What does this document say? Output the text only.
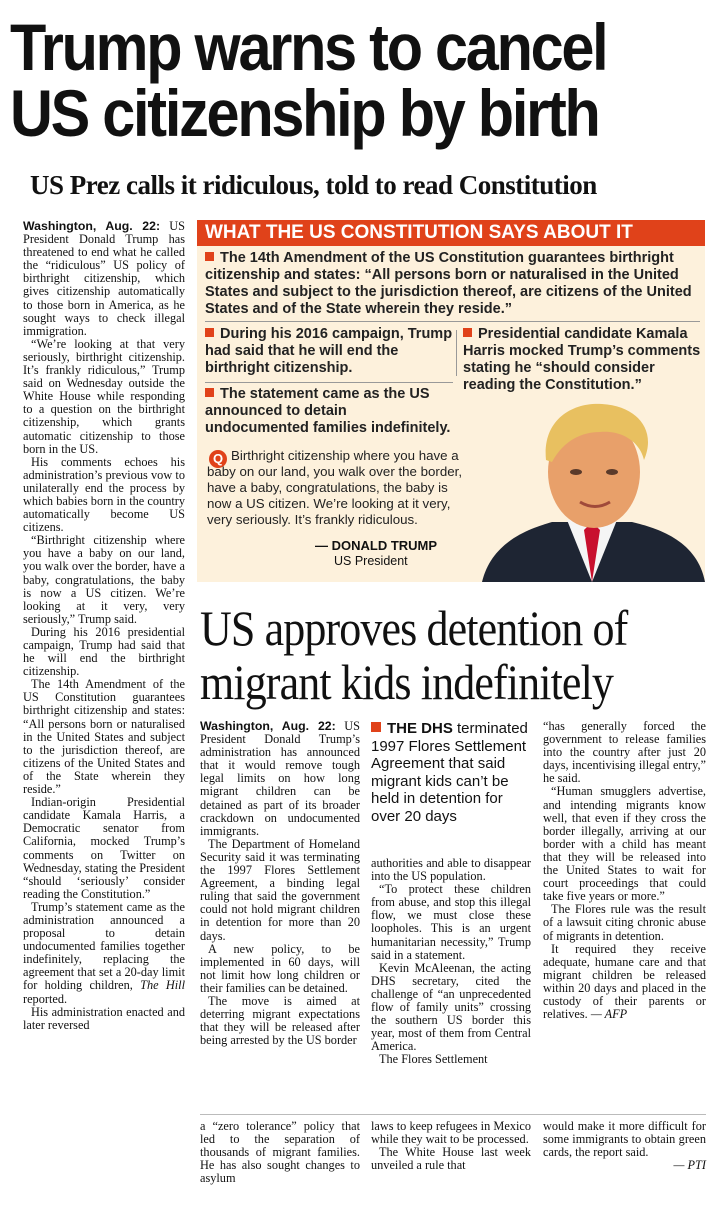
Trump warns to cancel
US citizenship by birth
US Prez calls it ridiculous, told to read Constitution

Washington, Aug. 22: US President Donald Trump has threatened to end what he called the “ridiculous” US policy of birthright citizenship, which gives citizenship automatically to those born in America, as he sought ways to check illegal immigration.

“We’re looking at that very seriously, birthright citizenship. It’s frankly ridiculous,” Trump said on Wednesday outside the White House while responding to a question on the birthright citizenship, which grants automatic citizenship to those born in the US.

His comments echoes his administration’s previous vow to unilaterally end the process by which babies born in the country automatically become US citizens.

“Birthright citizenship where you have a baby on our land, you walk over the border, have a baby, congratulations, the baby is now a US citizen. We’re looking at it very, very seriously,” Trump said.

During his 2016 presidential campaign, Trump had said that he will end the birthright citizenship.

The 14th Amendment of the US Constitution guarantees birthright citizenship and states: “All persons born or naturalised in the United States and subject to the jurisdiction thereof, are citizens of the United States and of the State wherein they reside.”

Indian-origin Presidential candidate Kamala Harris, a Democratic senator from California, mocked Trump’s comments on Twitter on Wednesday, stating the President “should ‘seriously’ consider reading the Constitution.”

Trump’s statement came as the administration announced a proposal to detain undocumented families together indefinitely, replacing the agreement that set a 20-day limit for holding children, The Hill reported.

His administration enacted and later reversed

WHAT THE US CONSTITUTION SAYS ABOUT IT
The 14th Amendment of the US Constitution guarantees birthright citizenship and states: “All persons born or naturalised in the United States and subject to the jurisdiction thereof, are citizens of the United States and of the State wherein they reside.”
During his 2016 campaign, Trump had said that he will end the birthright citizenship.
Presidential candidate Kamala Harris mocked Trump’s comments stating he “should consider reading the Constitution.”
The statement came as the US announced to detain undocumented families indefinitely.
Q Birthright citizenship where you have a baby on our land, you walk over the border, have a baby, congratulations, the baby is now a US citizen. We’re looking at it very, very seriously. It’s frankly ridiculous.
— DONALD TRUMP
US President
US approves detention of
migrant kids indefinitely

Washington, Aug. 22: US President Donald Trump’s administration has announced that it would remove tough legal limits on how long migrant children can be detained as part of its broader crackdown on undocumented immigrants.

The Department of Homeland Security said it was terminating the 1997 Flores Settlement Agreement, a binding legal ruling that said the government could not hold migrant children in detention for more than 20 days.

A new policy, to be implemented in 60 days, will not limit how long children or their families can be detained.

The move is aimed at deterring migrant expectations that they will be released after being arrested by the US border

THE DHS terminated 1997 Flores Settlement Agreement that said migrant kids can’t be held in detention for over 20 days

authorities and able to disappear into the US population.

“To protect these children from abuse, and stop this illegal flow, we must close these loopholes. This is an urgent humanitarian necessity,” Trump said in a statement.

Kevin McAleenan, the acting DHS secretary, cited the challenge of “an unprecedented flow of family units” crossing the southern US border this year, most of them from Central America.

The Flores Settlement

“has generally forced the government to release families into the country after just 20 days, incentivising illegal entry,” he said.

“Human smugglers advertise, and intending migrants know well, that even if they cross the border illegally, arriving at our border with a child has meant that they will be released into the United States to wait for court proceedings that could take five years or more.”

The Flores rule was the result of a lawsuit citing chronic abuse of migrants in detention.

It required they receive adequate, humane care and that migrant children be released within 20 days and placed in the custody of their parents or relatives. — AFP

a “zero tolerance” policy that led to the separation of thousands of migrant families. He has also sought changes to asylum

laws to keep refugees in Mexico while they wait to be processed.

The White House last week unveiled a rule that

would make it more difficult for some immigrants to obtain green cards, the report said.

— PTI
